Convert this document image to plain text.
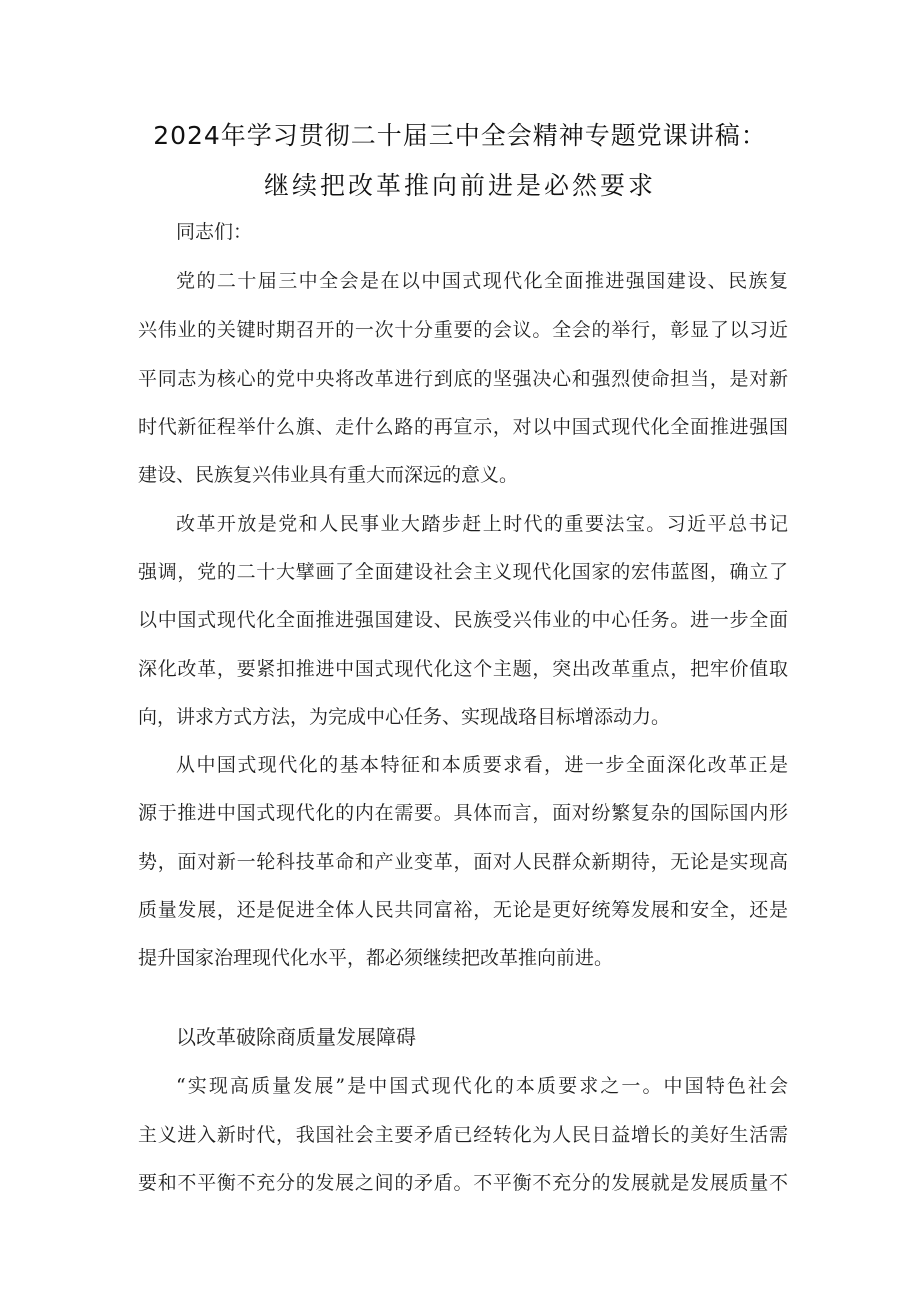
2024年学习贯彻二十届三中全会精神专题党课讲稿：
继续把改革推向前进是必然要求
同志们：
党的二十届三中全会是在以中国式现代化全面推进强国建设、民族复
兴伟业的关键时期召开的一次十分重要的会议。全会的举行，彰显了以习近
平同志为核心的党中央将改革进行到底的坚强决心和强烈使命担当，是对新
时代新征程举什么旗、走什么路的再宣示，对以中国式现代化全面推进强国
建设、民族复兴伟业具有重大而深远的意义。
改革开放是党和人民事业大踏步赶上时代的重要法宝。习近平总书记
强调，党的二十大擘画了全面建设社会主义现代化国家的宏伟蓝图，确立了
以中国式现代化全面推进强国建设、民族受兴伟业的中心任务。进一步全面
深化改革，要紧扣推进中国式现代化这个主题，突出改革重点，把牢价值取
向，讲求方式方法，为完成中心任务、实现战珞目标增添动力。
从中国式现代化的基本特征和本质要求看，进一步全面深化改革正是
源于推进中国式现代化的内在需要。具体而言，面对纷繁复杂的国际国内形
势，面对新一轮科技革命和产业变革，面对人民群众新期待，无论是实现高
质量发展，还是促进全体人民共同富裕，无论是更好统筹发展和安全，还是
提升国家治理现代化水平，都必须继续把改革推向前进。
以改革破除商质量发展障碍
“实现高质量发展”是中国式现代化的本质要求之一。中国特色社会
主义进入新时代，我国社会主要矛盾已经转化为人民日益增长的美好生活需
要和不平衡不充分的发展之间的矛盾。不平衡不充分的发展就是发展质量不
